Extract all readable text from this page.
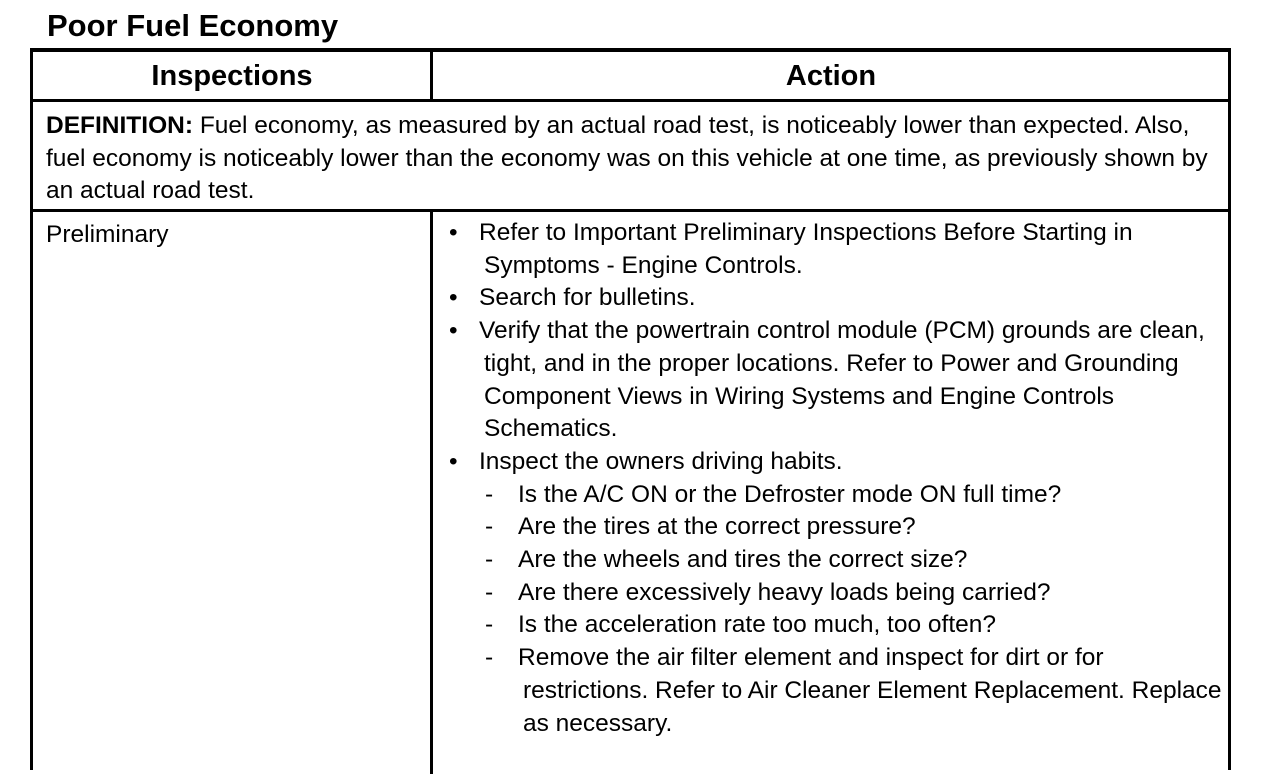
Poor Fuel Economy
Inspections	Action
DEFINITION: Fuel economy, as measured by an actual road test, is noticeably lower than expected. Also, fuel economy is noticeably lower than the economy was on this vehicle at one time, as previously shown by an actual road test.
Preliminary	• Refer to Important Preliminary Inspections Before Starting in Symptoms - Engine Controls.
• Search for bulletins.
• Verify that the powertrain control module (PCM) grounds are clean, tight, and in the proper locations. Refer to Power and Grounding Component Views in Wiring Systems and Engine Controls Schematics.
• Inspect the owners driving habits.
- Is the A/C ON or the Defroster mode ON full time?
- Are the tires at the correct pressure?
- Are the wheels and tires the correct size?
- Are there excessively heavy loads being carried?
- Is the acceleration rate too much, too often?
- Remove the air filter element and inspect for dirt or for restrictions. Refer to Air Cleaner Element Replacement. Replace as necessary.
